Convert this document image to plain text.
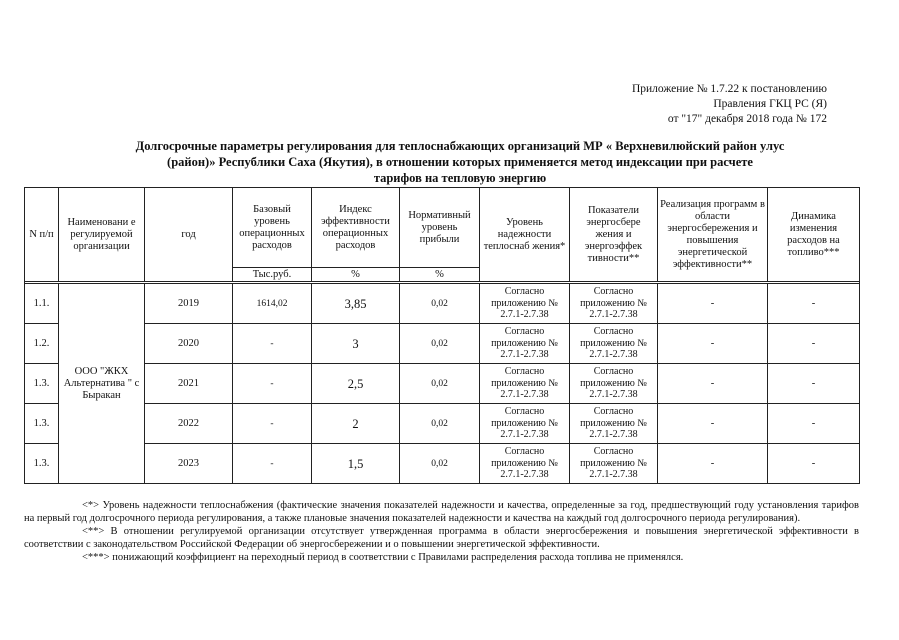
Приложение № 1.7.22 к постановлению
Правления ГКЦ РС (Я)
от "17" декабря 2018 года № 172
Долгосрочные параметры регулирования для теплоснабжающих организаций МР « Верхневилюйский район улус
(район)» Республики Саха (Якутия), в отношении которых применяется метод индексации при расчете
тарифов на тепловую энергию
N п/п	Наименовани е регулируемой организации	год	Базовый уровень операционных расходов	Индекс эффективности операционных расходов	Нормативный уровень прибыли	Уровень надежности теплоснаб жения*	Показатели энергосбере жения и энергоэффек тивности**	Реализация программ в области энергосбережения и повышения энергетической эффективности**	Динамика изменения расходов на топливо***
			Тыс.руб.	%	%				

1.1.	ООО "ЖКХ Альтернатива " с Быракан	2019	1614,02	3,85	0,02	Согласно приложению № 2.7.1-2.7.38	Согласно приложению № 2.7.1-2.7.38	-	-
1.2.		2020	-	3	0,02	Согласно приложению № 2.7.1-2.7.38	Согласно приложению № 2.7.1-2.7.38	-	-
1.3.		2021	-	2,5	0,02	Согласно приложению № 2.7.1-2.7.38	Согласно приложению № 2.7.1-2.7.38	-	-
1.3.		2022	-	2	0,02	Согласно приложению № 2.7.1-2.7.38	Согласно приложению № 2.7.1-2.7.38	-	-
1.3.		2023	-	1,5	0,02	Согласно приложению № 2.7.1-2.7.38	Согласно приложению № 2.7.1-2.7.38	-	-

<*> Уровень надежности теплоснабжения (фактические значения показателей надежности и качества, определенные за год, предшествующий году установления тарифов на первый год долгосрочного периода регулирования, а также плановые значения показателей надежности и качества на каждый год долгосрочного периода регулирования).

<**> В отношении регулируемой организации отсутствует утвержденная программа в области энергосбережения и повышения энергетической эффективности в соответствии с законодательством Российской Федерации об энергосбережении и о повышении энергетической эффективности.

<***> понижающий коэффициент на переходный период в соответствии с Правилами распределения расхода топлива не применялся.
